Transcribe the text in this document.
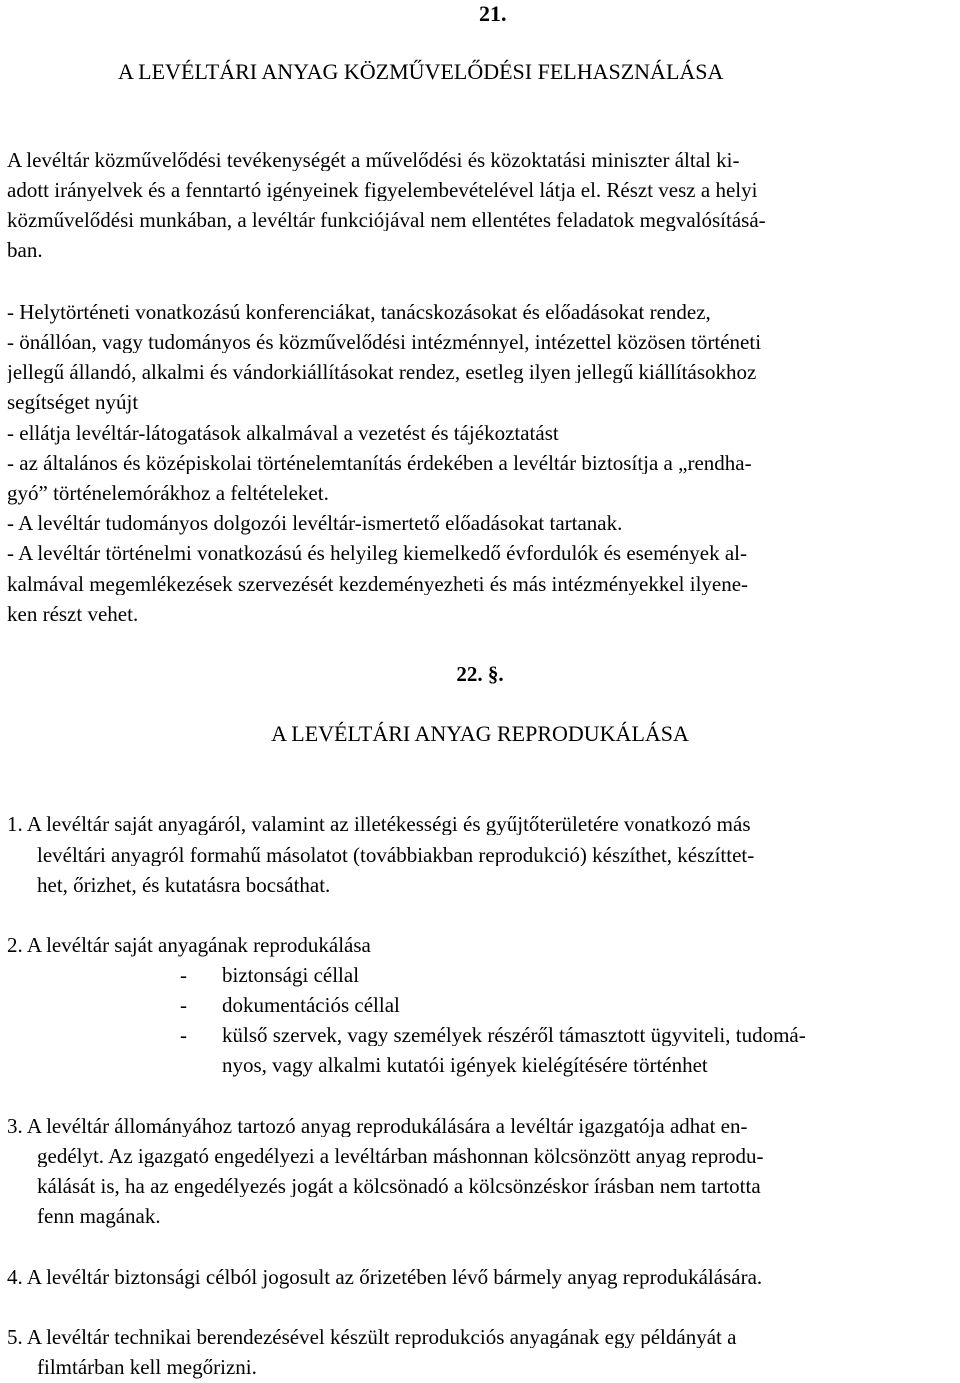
21.
A LEVÉLTÁRI ANYAG KÖZMŰVELŐDÉSI FELHASZNÁLÁSA
A levéltár közművelődési tevékenységét a művelődési és közoktatási miniszter által ki-
adott irányelvek és a fenntartó igényeinek figyelembevételével látja el. Részt vesz a helyi
közművelődési munkában, a levéltár funkciójával nem ellentétes feladatok megvalósításá-
ban.
- Helytörténeti vonatkozású konferenciákat, tanácskozásokat és előadásokat rendez,
- önállóan, vagy tudományos és közművelődési intézménnyel, intézettel közösen történeti
jellegű állandó, alkalmi és vándorkiállításokat rendez, esetleg ilyen jellegű kiállításokhoz
segítséget nyújt
- ellátja levéltár-látogatások alkalmával a vezetést és tájékoztatást
- az általános és középiskolai történelemtanítás érdekében a levéltár biztosítja a „rendha-
gyó” történelemórákhoz a feltételeket.
- A levéltár tudományos dolgozói levéltár-ismertető előadásokat tartanak.
- A levéltár történelmi vonatkozású és helyileg kiemelkedő évfordulók és események al-
kalmával megemlékezések szervezését kezdeményezheti és más intézményekkel ilyene-
ken részt vehet.
22. §.
A LEVÉLTÁRI ANYAG REPRODUKÁLÁSA
1. A levéltár saját anyagáról, valamint az illetékességi és gyűjtőterületére vonatkozó más
levéltári anyagról formahű másolatot (továbbiakban reprodukció) készíthet, készíttet-
het, őrizhet, és kutatásra bocsáthat.
2. A levéltár saját anyagának reprodukálása
- biztonsági céllal
- dokumentációs céllal
- külső szervek, vagy személyek részéről támasztott ügyviteli, tudomá-
nyos, vagy alkalmi kutatói igények kielégítésére történhet
3. A levéltár állományához tartozó anyag reprodukálására a levéltár igazgatója adhat en-
gedélyt. Az igazgató engedélyezi a levéltárban máshonnan kölcsönzött anyag reprodu-
kálását is, ha az engedélyezés jogát a kölcsönadó a kölcsönzéskor írásban nem tartotta
fenn magának.
4. A levéltár biztonsági célból jogosult az őrizetében lévő bármely anyag reprodukálására.
5. A levéltár technikai berendezésével készült reprodukciós anyagának egy példányát a
filmtárban kell megőrizni.
